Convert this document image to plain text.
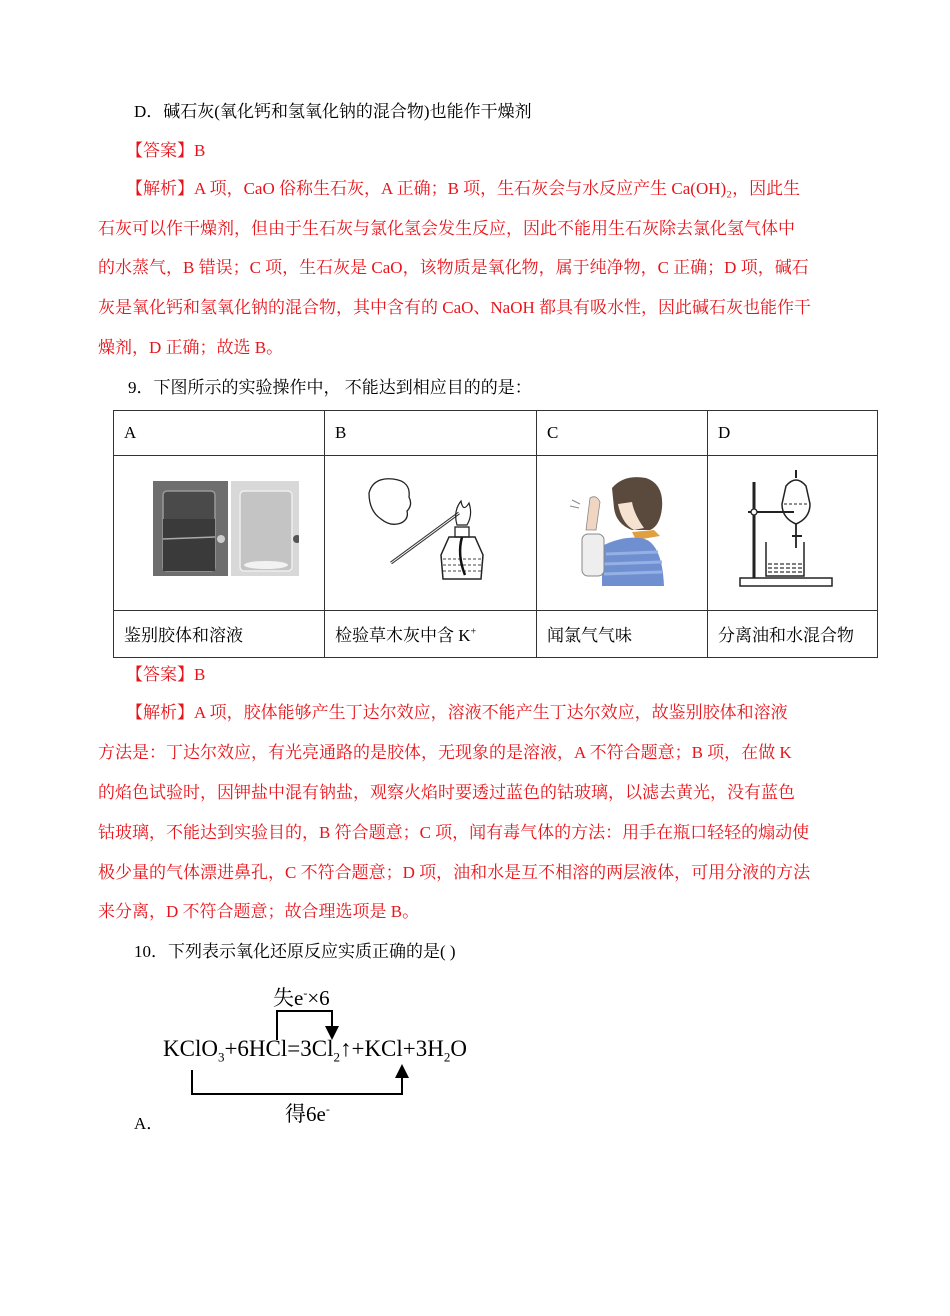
D．碱石灰(氧化钙和氢氧化钠的混合物)也能作干燥剂
【答案】B
【解析】A 项，CaO 俗称生石灰，A 正确；B 项，生石灰会与水反应产生 Ca(OH)₂，因此生
石灰可以作干燥剂，但由于生石灰与氯化氢会发生反应，因此不能用生石灰除去氯化氢气体中
的水蒸气，B 错误；C 项，生石灰是 CaO，该物质是氧化物，属于纯净物，C 正确；D 项，碱石
灰是氧化钙和氢氧化钠的混合物，其中含有的 CaO、NaOH 都具有吸水性，因此碱石灰也能作干
燥剂，D 正确；故选 B。
9．下图所示的实验操作中， 不能达到相应目的的是：
A	B	C	D

鉴别胶体和溶液	检验草木灰中含 K+	闻氯气气味	分离油和水混合物
【答案】B
【解析】A 项，胶体能够产生丁达尔效应，溶液不能产生丁达尔效应，故鉴别胶体和溶液
方法是：丁达尔效应，有光亮通路的是胶体，无现象的是溶液，A 不符合题意；B 项，在做 K
的焰色试验时，因钾盐中混有钠盐，观察火焰时要透过蓝色的钴玻璃，以滤去黄光，没有蓝色
钴玻璃，不能达到实验目的，B 符合题意；C 项，闻有毒气体的方法：用手在瓶口轻轻的煽动使
极少量的气体漂进鼻孔，C 不符合题意；D 项，油和水是互不相溶的两层液体，可用分液的方法
来分离，D 不符合题意；故合理选项是 B。
10．下列表示氧化还原反应实质正确的是( )
失e-×6
$KClO_3+6HCl=3Cl_2↑+KCl+3H_2O$
得6e-
A．
